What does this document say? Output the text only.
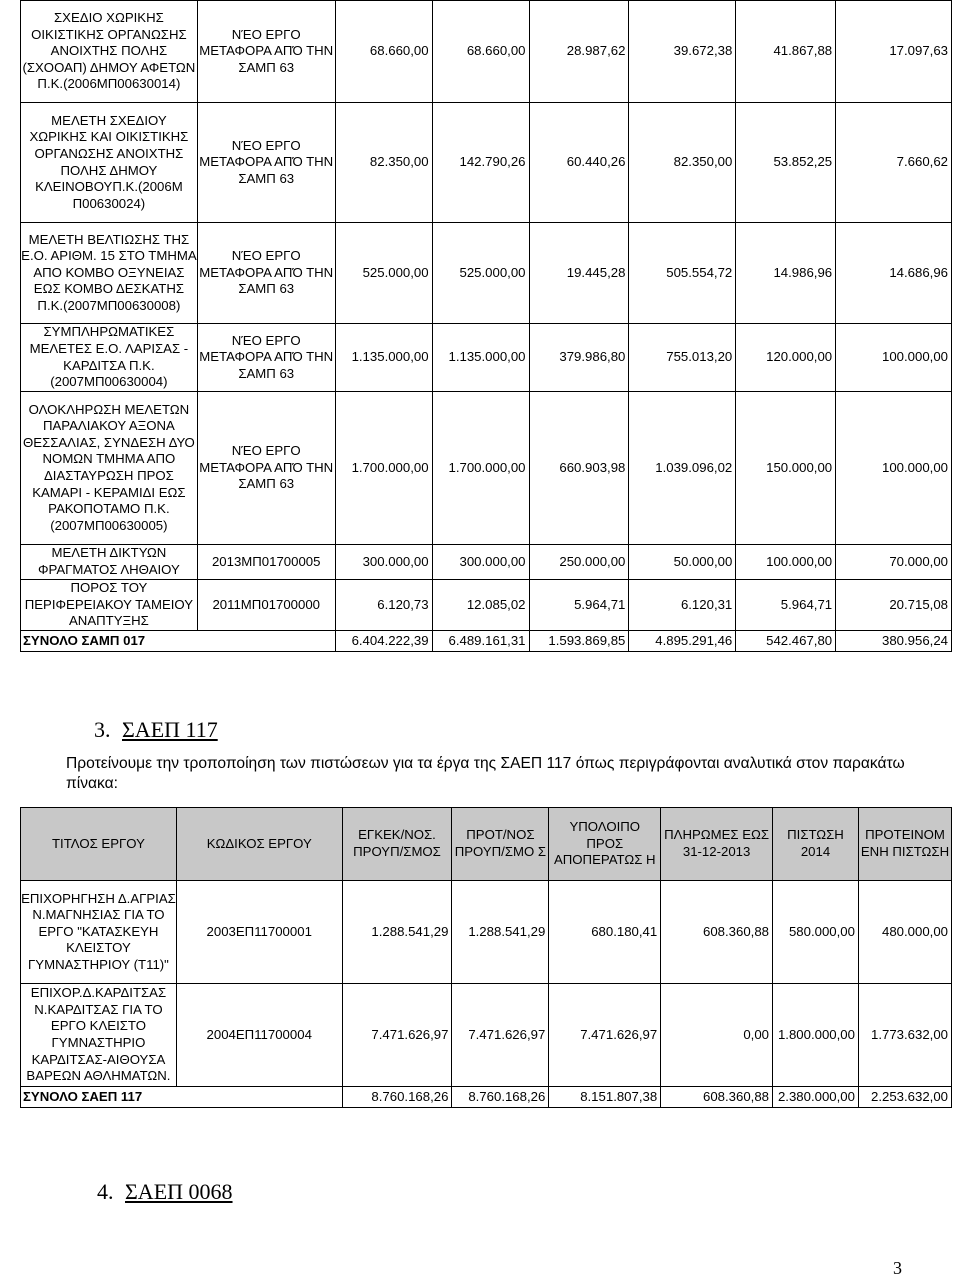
ΣΧΕΔΙΟ ΧΩΡΙΚΗΣ ΟΙΚΙΣΤΙΚΗΣ ΟΡΓΑΝΩΣΗΣ ΑΝΟΙΧΤΗΣ ΠΟΛΗΣ (ΣΧΟΟΑΠ) ΔΗΜΟΥ ΑΦΕΤΩΝ Π.Κ.(2006ΜΠ00630014)	ΝΈΟ ΕΡΓΟ ΜΕΤΑΦΟΡΑ ΑΠΌ ΤΗΝ ΣΑΜΠ 63	68.660,00	68.660,00	28.987,62	39.672,38	41.867,88	17.097,63
ΜΕΛΕΤΗ ΣΧΕΔΙΟΥ ΧΩΡΙΚΗΣ ΚΑΙ ΟΙΚΙΣΤΙΚΗΣ ΟΡΓΑΝΩΣΗΣ ΑΝΟΙΧΤΗΣ ΠΟΛΗΣ ΔΗΜΟΥ ΚΛΕΙΝΟΒΟΥΠ.Κ.(2006Μ Π00630024)	ΝΈΟ ΕΡΓΟ ΜΕΤΑΦΟΡΑ ΑΠΌ ΤΗΝ ΣΑΜΠ 63	82.350,00	142.790,26	60.440,26	82.350,00	53.852,25	7.660,62
ΜΕΛΕΤΗ ΒΕΛΤΙΩΣΗΣ ΤΗΣ Ε.Ο. ΑΡΙΘΜ. 15 ΣΤΟ ΤΜΗΜΑ ΑΠΟ ΚΟΜΒΟ ΟΞΥΝΕΙΑΣ ΕΩΣ ΚΟΜΒΟ ΔΕΣΚΑΤΗΣ Π.Κ.(2007ΜΠ00630008)	ΝΈΟ ΕΡΓΟ ΜΕΤΑΦΟΡΑ ΑΠΌ ΤΗΝ ΣΑΜΠ 63	525.000,00	525.000,00	19.445,28	505.554,72	14.986,96	14.686,96
ΣΥΜΠΛΗΡΩΜΑΤΙΚΕΣ ΜΕΛΕΤΕΣ Ε.Ο. ΛΑΡΙΣΑΣ - ΚΑΡΔΙΤΣΑ Π.Κ.(2007ΜΠ00630004)	ΝΈΟ ΕΡΓΟ ΜΕΤΑΦΟΡΑ ΑΠΌ ΤΗΝ ΣΑΜΠ 63	1.135.000,00	1.135.000,00	379.986,80	755.013,20	120.000,00	100.000,00
ΟΛΟΚΛΗΡΩΣΗ ΜΕΛΕΤΩΝ ΠΑΡΑΛΙΑΚΟΥ ΑΞΟΝΑ ΘΕΣΣΑΛΙΑΣ, ΣΥΝΔΕΣΗ ΔΥΟ ΝΟΜΩΝ ΤΜΗΜΑ ΑΠΟ ΔΙΑΣΤΑΥΡΩΣΗ ΠΡΟΣ ΚΑΜΑΡΙ - ΚΕΡΑΜΙΔΙ ΕΩΣ ΡΑΚΟΠΟΤΑΜΟ Π.Κ.(2007ΜΠ00630005)	ΝΈΟ ΕΡΓΟ ΜΕΤΑΦΟΡΑ ΑΠΌ ΤΗΝ ΣΑΜΠ 63	1.700.000,00	1.700.000,00	660.903,98	1.039.096,02	150.000,00	100.000,00
ΜΕΛΕΤΗ ΔΙΚΤΥΩΝ ΦΡΑΓΜΑΤΟΣ ΛΗΘΑΙΟΥ	2013ΜΠ01700005	300.000,00	300.000,00	250.000,00	50.000,00	100.000,00	70.000,00
ΠΟΡΟΣ ΤΟΥ ΠΕΡΙΦΕΡΕΙΑΚΟΥ ΤΑΜΕΙΟΥ ΑΝΑΠΤΥΞΗΣ	2011ΜΠ01700000	6.120,73	12.085,02	5.964,71	6.120,31	5.964,71	20.715,08
ΣΥΝΟΛΟ ΣΑΜΠ 017		6.404.222,39	6.489.161,31	1.593.869,85	4.895.291,46	542.467,80	380.956,24
3. ΣΑΕΠ 117
Προτείνουμε την τροποποίηση των πιστώσεων για τα έργα της ΣΑΕΠ 117 όπως περιγράφονται αναλυτικά στον παρακάτω πίνακα:
ΤΙΤΛΟΣ ΕΡΓΟΥ	ΚΩΔΙΚΟΣ ΕΡΓΟΥ	ΕΓΚΕΚ/ΝΟΣ. ΠΡΟΥΠ/ΣΜΟΣ	ΠΡΟΤ/ΝΟΣ ΠΡΟΥΠ/ΣΜΟ Σ	ΥΠΟΛΟΙΠΟ ΠΡΟΣ ΑΠΟΠΕΡΑΤΩΣ Η	ΠΛΗΡΩΜΕΣ ΕΩΣ 31-12-2013	ΠΙΣΤΩΣΗ 2014	ΠΡΟΤΕΙΝΟΜ ΕΝΗ ΠΙΣΤΩΣΗ
ΕΠΙΧΟΡΗΓΗΣΗ Δ.ΑΓΡΙΑΣ Ν.ΜΑΓΝΗΣΙΑΣ ΓΙΑ ΤΟ ΕΡΓΟ "ΚΑΤΑΣΚΕΥΗ ΚΛΕΙΣΤΟΥ ΓΥΜΝΑΣΤΗΡΙΟΥ (Τ11)"	2003ΕΠ11700001	1.288.541,29	1.288.541,29	680.180,41	608.360,88	580.000,00	480.000,00
ΕΠΙΧΟΡ.Δ.ΚΑΡΔΙΤΣΑΣ Ν.ΚΑΡΔΙΤΣΑΣ ΓΙΑ ΤΟ ΕΡΓΟ ΚΛΕΙΣΤΟ ΓΥΜΝΑΣΤΗΡΙΟ ΚΑΡΔΙΤΣΑΣ-ΑΙΘΟΥΣΑ ΒΑΡΕΩΝ ΑΘΛΗΜΑΤΩΝ.	2004ΕΠ11700004	7.471.626,97	7.471.626,97	7.471.626,97	0,00	1.800.000,00	1.773.632,00
ΣΥΝΟΛΟ ΣΑΕΠ 117		8.760.168,26	8.760.168,26	8.151.807,38	608.360,88	2.380.000,00	2.253.632,00
4. ΣΑΕΠ 0068
3
